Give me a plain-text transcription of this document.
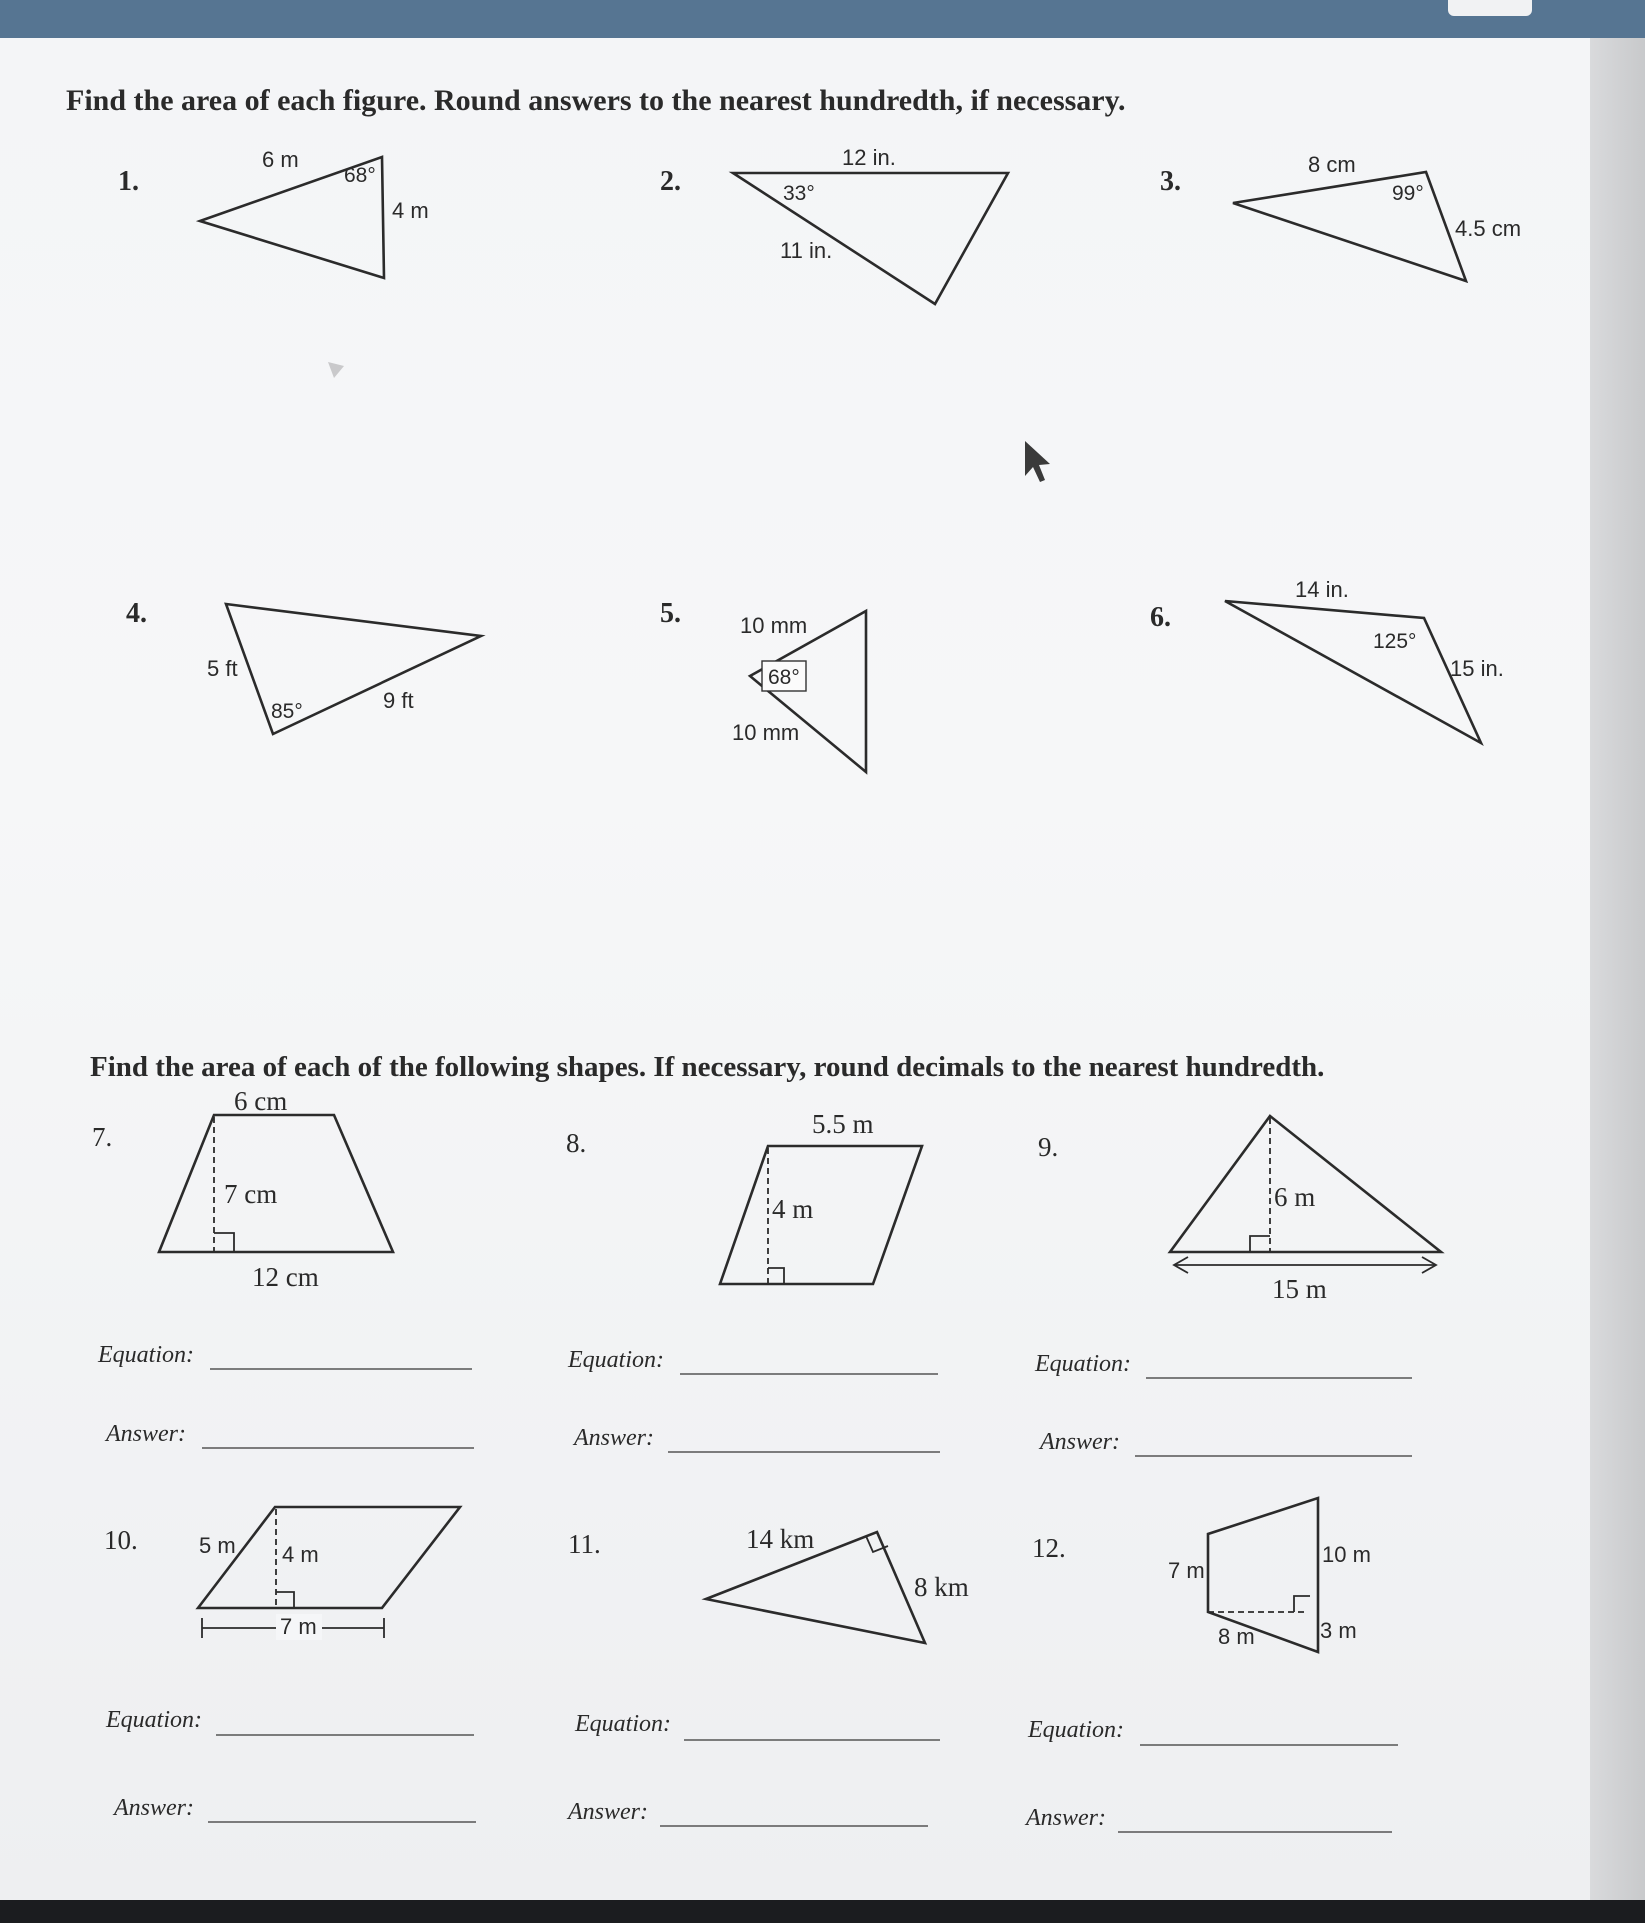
Find the area of each figure. Round answers to the nearest hundredth, if necessary.
1.
6 m
68°
4 m
2.
12 in.
33°
11 in.
3.
8 cm
99°
4.5 cm
4.
5 ft
85°	9 ft
5.	10 mm
68°
10 mm
6.
14 in.
125°
15 in.
Find the area of each of the following shapes. If necessary, round decimals to the nearest hundredth.
7.
6 cm
7 cm
12 cm
8.
5.5 m
4 m
9.
6 m
15 m
Equation:
Answer:
Equation:
Answer:
Equation:
Answer:
10.	5 m 4 m
7 m
11.	14 km
8 km
12.
7 m
10 m
8 m	3 m
Equation:
Answer:
Equation:
Answer:
Equation:
Answer:
